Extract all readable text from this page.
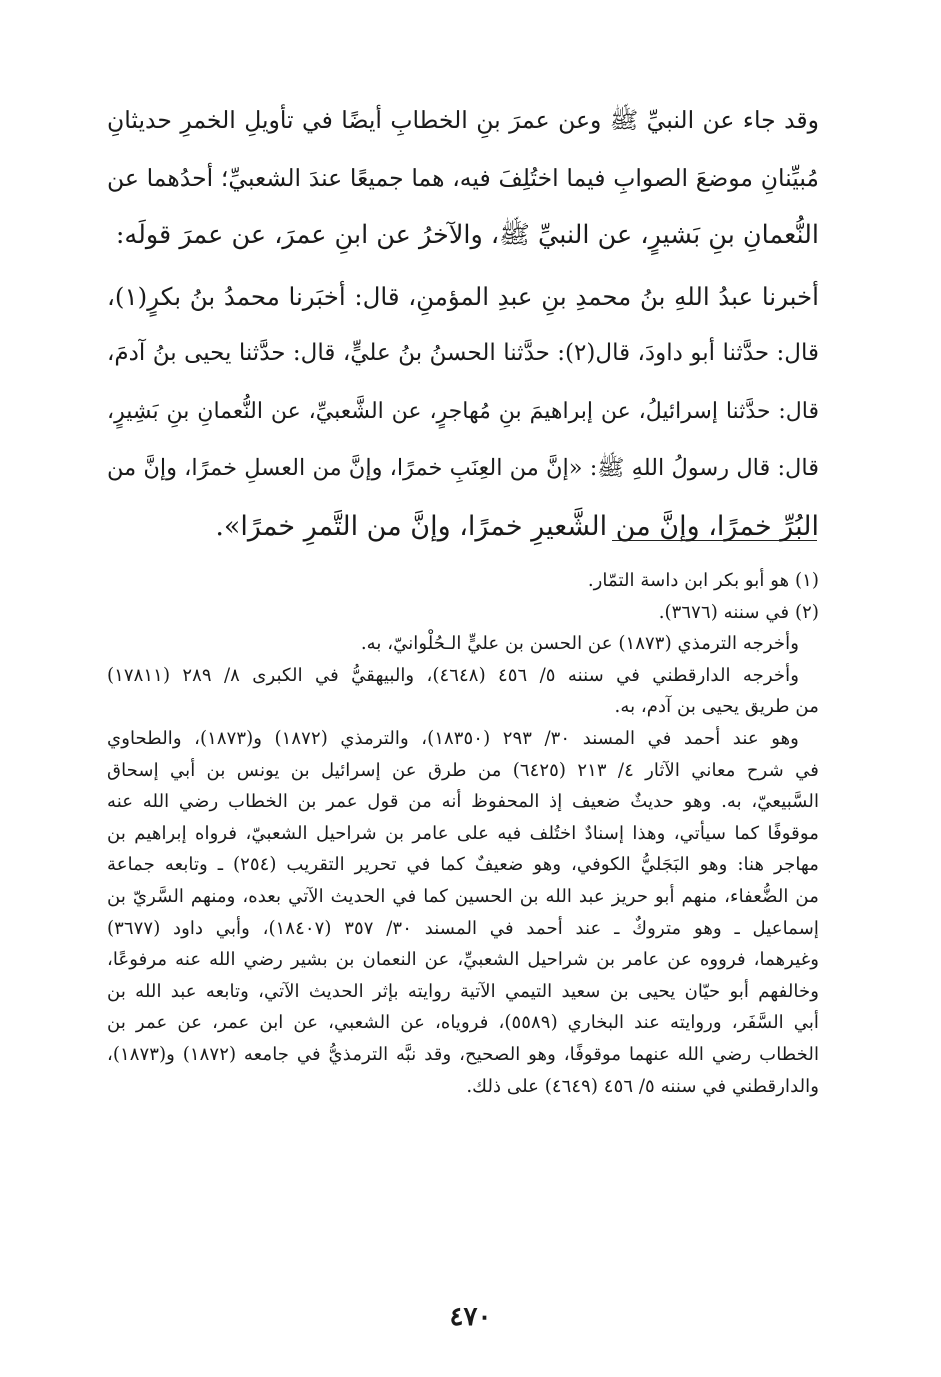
وقد جاء عن النبيِّ ﷺ وعن عمرَ بنِ الخطابِ أيضًا في تأويلِ الخمرِ حديثانِ
مُبيِّنانِ موضعَ الصوابِ فيما اختُلِفَ فيه، هما جميعًا عندَ الشعبيِّ؛ أحدُهما عن
النُّعمانِ بنِ بَشيرٍ، عن النبيِّ ﷺ، والآخرُ عن ابنِ عمرَ، عن عمرَ قولَه:
أخبرنا عبدُ اللهِ بنُ محمدِ بنِ عبدِ المؤمنِ، قال: أخبَرنا محمدُ بنُ بكرٍ(١)،
قال: حدَّثنا أبو داودَ، قال(٢): حدَّثنا الحسنُ بنُ عليٍّ، قال: حدَّثنا يحيى بنُ آدمَ،
قال: حدَّثنا إسرائيلُ، عن إبراهيمَ بنِ مُهاجرٍ، عن الشَّعبيِّ، عن النُّعمانِ بنِ بَشِيرٍ،
قال: قال رسولُ اللهِ ﷺ: «إنَّ من العِنَبِ خمرًا، وإنَّ من العسلِ خمرًا، وإنَّ من
البُرِّ خمرًا، وإنَّ من الشَّعيرِ خمرًا، وإنَّ من التَّمرِ خمرًا».
(١) هو أبو بكر ابن داسة التمّار.
(٢) في سننه (٣٦٧٦).
وأخرجه الترمذي (١٨٧٣) عن الحسن بن عليٍّ الـحُلْوانيّ، به.
وأخرجه الدارقطني في سننه ٥/ ٤٥٦ (٤٦٤٨)، والبيهقيُّ في الكبرى ٨/ ٢٨٩ (١٧٨١١)
من طريق يحيى بن آدم، به.
وهو عند أحمد في المسند ٣٠/ ٢٩٣ (١٨٣٥٠)، والترمذي (١٨٧٢) و(١٨٧٣)، والطحاوي
في شرح معاني الآثار ٤/ ٢١٣ (٦٤٢٥) من طرق عن إسرائيل بن يونس بن أبي إسحاق
السَّبيعيّ، به. وهو حديثٌ ضعيف إذ المحفوظ أنه من قول عمر بن الخطاب رضي الله عنه
موقوفًا كما سيأتي، وهذا إسنادٌ اختُلف فيه على عامر بن شراحيل الشعبيّ، فرواه إبراهيم بن
مهاجر هنا: وهو البَجَليُّ الكوفي، وهو ضعيفٌ كما في تحرير التقريب (٢٥٤) ـ وتابعه جماعة
من الضُّعفاء، منهم أبو حريز عبد الله بن الحسين كما في الحديث الآتي بعده، ومنهم السَّريّ بن
إسماعيل ـ وهو متروكٌ ـ عند أحمد في المسند ٣٠/ ٣٥٧ (١٨٤٠٧)، وأبي داود (٣٦٧٧)
وغيرهما، فرووه عن عامر بن شراحيل الشعبيِّ، عن النعمان بن بشير رضي الله عنه مرفوعًا،
وخالفهم أبو حيّان يحيى بن سعيد التيمي الآتية روايته بإثر الحديث الآتي، وتابعه عبد الله بن
أبي السَّفَر، وروايته عند البخاري (٥٥٨٩)، فروياه، عن الشعبي، عن ابن عمر، عن عمر بن
الخطاب رضي الله عنهما موقوفًا، وهو الصحيح، وقد نبَّه الترمذيُّ في جامعه (١٨٧٢) و(١٨٧٣)،
والدارقطني في سننه ٥/ ٤٥٦ (٤٦٤٩) على ذلك.
٤٧٠
